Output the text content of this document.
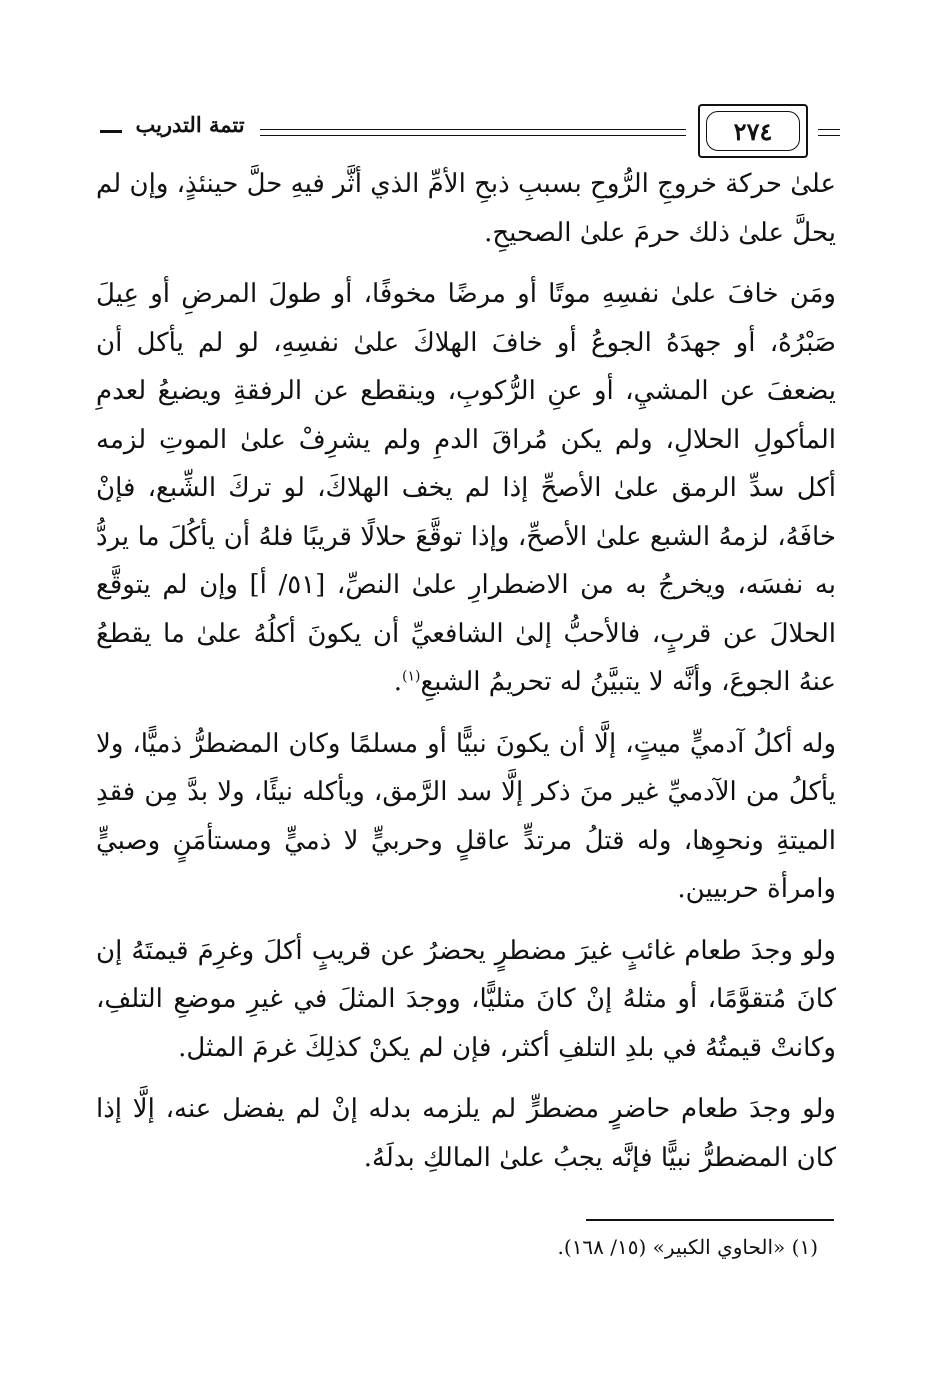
تتمة التدريب	٢٧٤

علىٰ حركة خروجِ الرُّوحِ بسببِ ذبحِ الأمِّ الذي أثَّر فيهِ حلَّ حينئذٍ، وإن لم يحلَّ علىٰ ذلك حرمَ علىٰ الصحيحِ.

ومَن خافَ علىٰ نفسِهِ موتًا أو مرضًا مخوفًا، أو طولَ المرضِ أو عِيلَ صَبْرُهُ، أو جهدَهُ الجوعُ أو خافَ الهلاكَ علىٰ نفسِهِ، لو لم يأكل أن يضعفَ عن المشيِ، أو عنِ الرُّكوبِ، وينقطع عن الرفقةِ ويضيعُ لعدمِ المأكولِ الحلالِ، ولم يكن مُراقَ الدمِ ولم يشرِفْ علىٰ الموتِ لزمه أكل سدِّ الرمق علىٰ الأصحِّ إذا لم يخف الهلاكَ، لو تركَ الشِّبع، فإنْ خافَهُ، لزمهُ الشبع علىٰ الأصحِّ، وإذا توقَّعَ حلالًا قريبًا فلهُ أن يأكُلَ ما يردُّ به نفسَه، ويخرجُ به من الاضطرارِ علىٰ النصِّ، [٥١/ أ] وإن لم يتوقَّع الحلالَ عن قربٍ، فالأحبُّ إلىٰ الشافعيِّ أن يكونَ أكلُهُ علىٰ ما يقطعُ عنهُ الجوعَ، وأنَّه لا يتبيَّنُ له تحريمُ الشبعِ$^{(١)}$.

وله أكلُ آدميٍّ ميتٍ، إلَّا أن يكونَ نبيًّا أو مسلمًا وكان المضطرُّ ذميًّا، ولا يأكلُ من الآدميِّ غير منَ ذكر إلَّا سد الرَّمق، ويأكله نيئًا، ولا بدَّ مِن فقدِ الميتةِ ونحوِها، وله قتلُ مرتدٍّ عاقلٍ وحربيٍّ لا ذميٍّ ومستأمَنٍ وصبيٍّ وامرأة حربيين.

ولو وجدَ طعام غائبٍ غيرَ مضطرٍ يحضرُ عن قريبٍ أكلَ وغرِمَ قيمتَهُ إن كانَ مُتقوَّمًا، أو مثلهُ إنْ كانَ مثليًّا، ووجدَ المثلَ في غيرِ موضعِ التلفِ، وكانتْ قيمتُهُ في بلدِ التلفِ أكثر، فإن لم يكنْ كذلِكَ غرمَ المثل.

ولو وجدَ طعام حاضرٍ مضطرٍّ لم يلزمه بدله إنْ لم يفضل عنه، إلَّا إذا كان المضطرُّ نبيًّا فإنَّه يجبُ علىٰ المالكِ بدلَهُ.

(١) «الحاوي الكبير» (١٥/ ١٦٨).
